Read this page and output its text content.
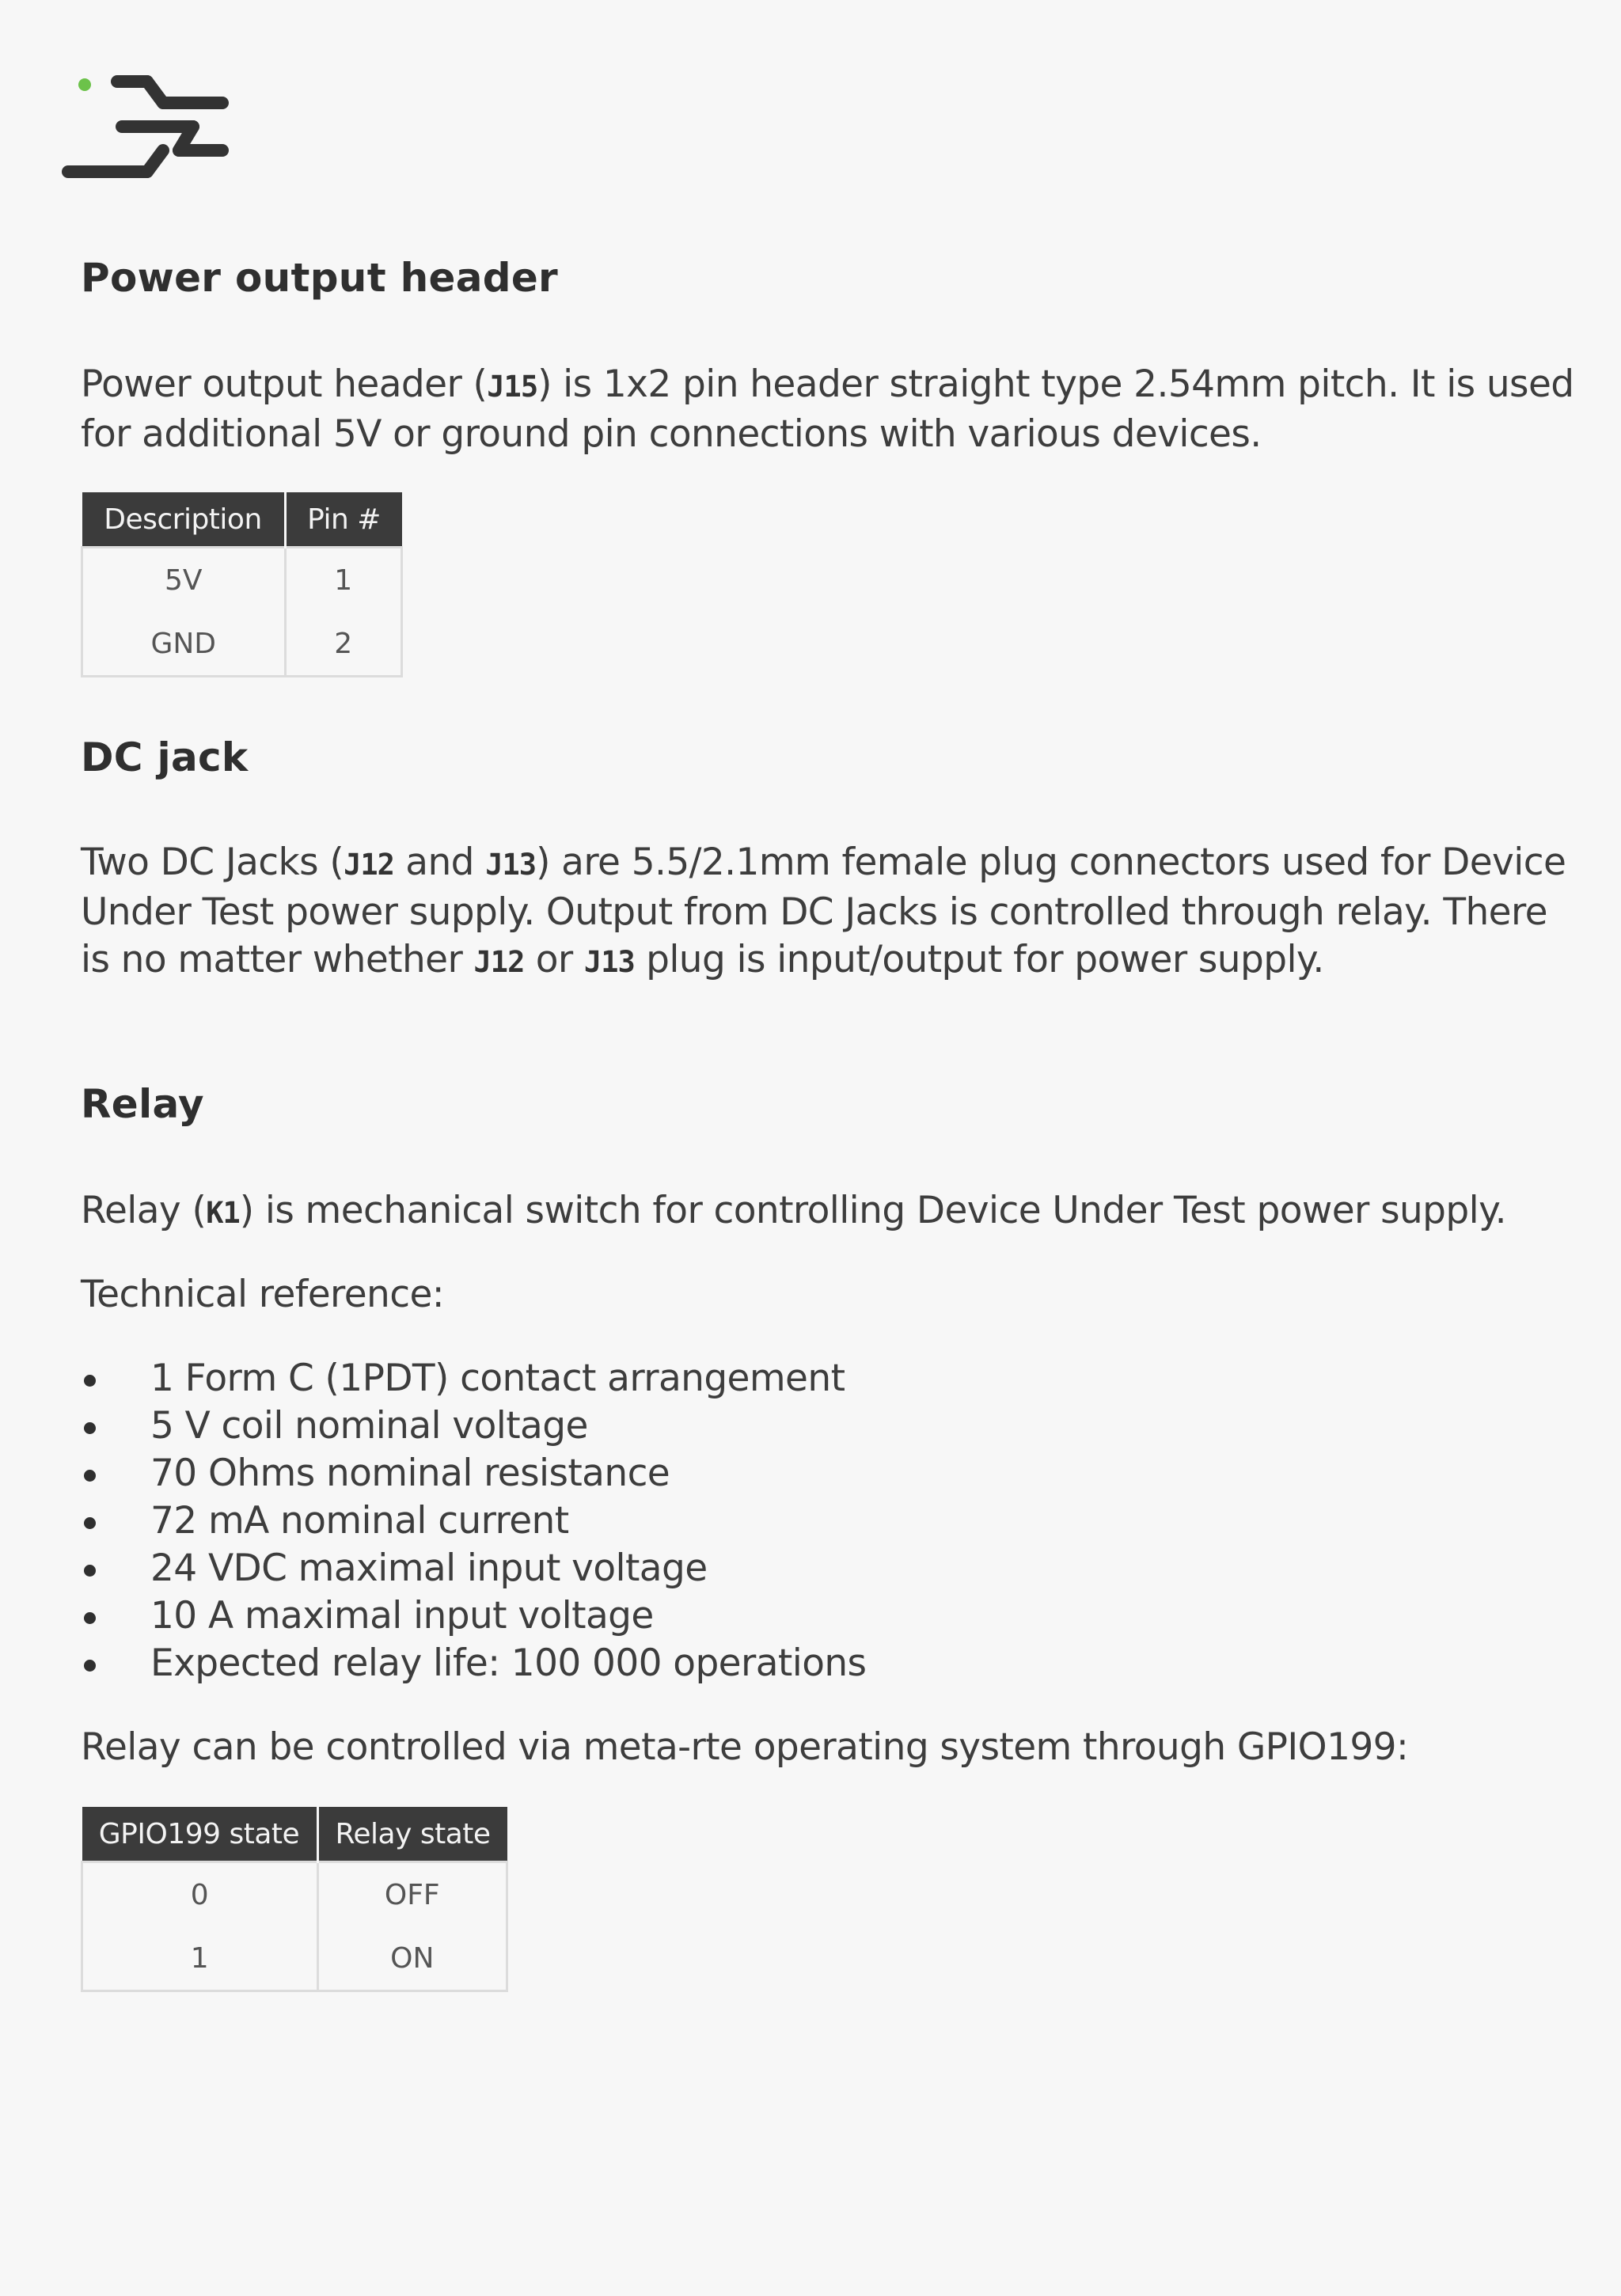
Power output header

Power output header (J15) is 1x2 pin header straight type 2.54mm pitch. It is used for additional 5V or ground pin connections with various devices.

Description	Pin #
5V	1
GND	2
DC jack

Two DC Jacks (J12 and J13) are 5.5/2.1mm female plug connectors used for Device Under Test power supply. Output from DC Jacks is controlled through relay. There is no matter whether J12 or J13 plug is input/output for power supply.

Relay

Relay (K1) is mechanical switch for controlling Device Under Test power supply.

Technical reference:

1 Form C (1PDT) contact arrangement
5 V coil nominal voltage
70 Ohms nominal resistance
72 mA nominal current
24 VDC maximal input voltage
10 A maximal input voltage
Expected relay life: 100 000 operations

Relay can be controlled via meta-rte operating system through GPIO199:

GPIO199 state	Relay state
0	OFF
1	ON
